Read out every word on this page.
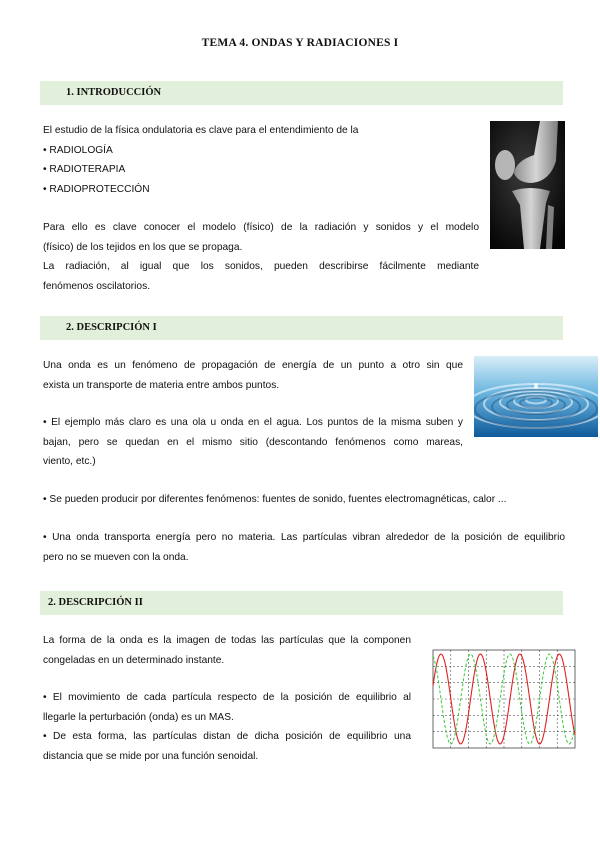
TEMA 4. ONDAS Y RADIACIONES I
1. INTRODUCCIÓN
El estudio de la física ondulatoria es clave para el entendimiento de la
• RADIOLOGÍA
• RADIOTERAPIA
• RADIOPROTECCIÓN
Para ello es clave conocer el modelo (físico) de la radiación y sonidos y el modelo
(físico) de los tejidos en los que se propaga.
La radiación, al igual que los sonidos, pueden describirse fácilmente mediante
fenómenos oscilatorios.
2. DESCRIPCIÓN I
Una onda es un fenómeno de propagación de energía de un punto a otro sin que
exista un transporte de materia entre ambos puntos.
• El ejemplo más claro es una ola u onda en el agua. Los puntos de la misma suben y
bajan, pero se quedan en el mismo sitio (descontando fenómenos como mareas,
viento, etc.)
• Se pueden producir por diferentes fenómenos: fuentes de sonido, fuentes electromagnéticas, calor ...
• Una onda transporta energía pero no materia. Las partículas vibran alrededor de la posición de equilibrio
pero no se mueven con la onda.
2. DESCRIPCIÓN II
La forma de la onda es la imagen de todas las partículas que la componen
congeladas en un determinado instante.
• El movimiento de cada partícula respecto de la posición de equilibrio al
llegarle la perturbación (onda) es un MAS.
• De esta forma, las partículas distan de dicha posición de equilibrio una
distancia que se mide por una función senoidal.
